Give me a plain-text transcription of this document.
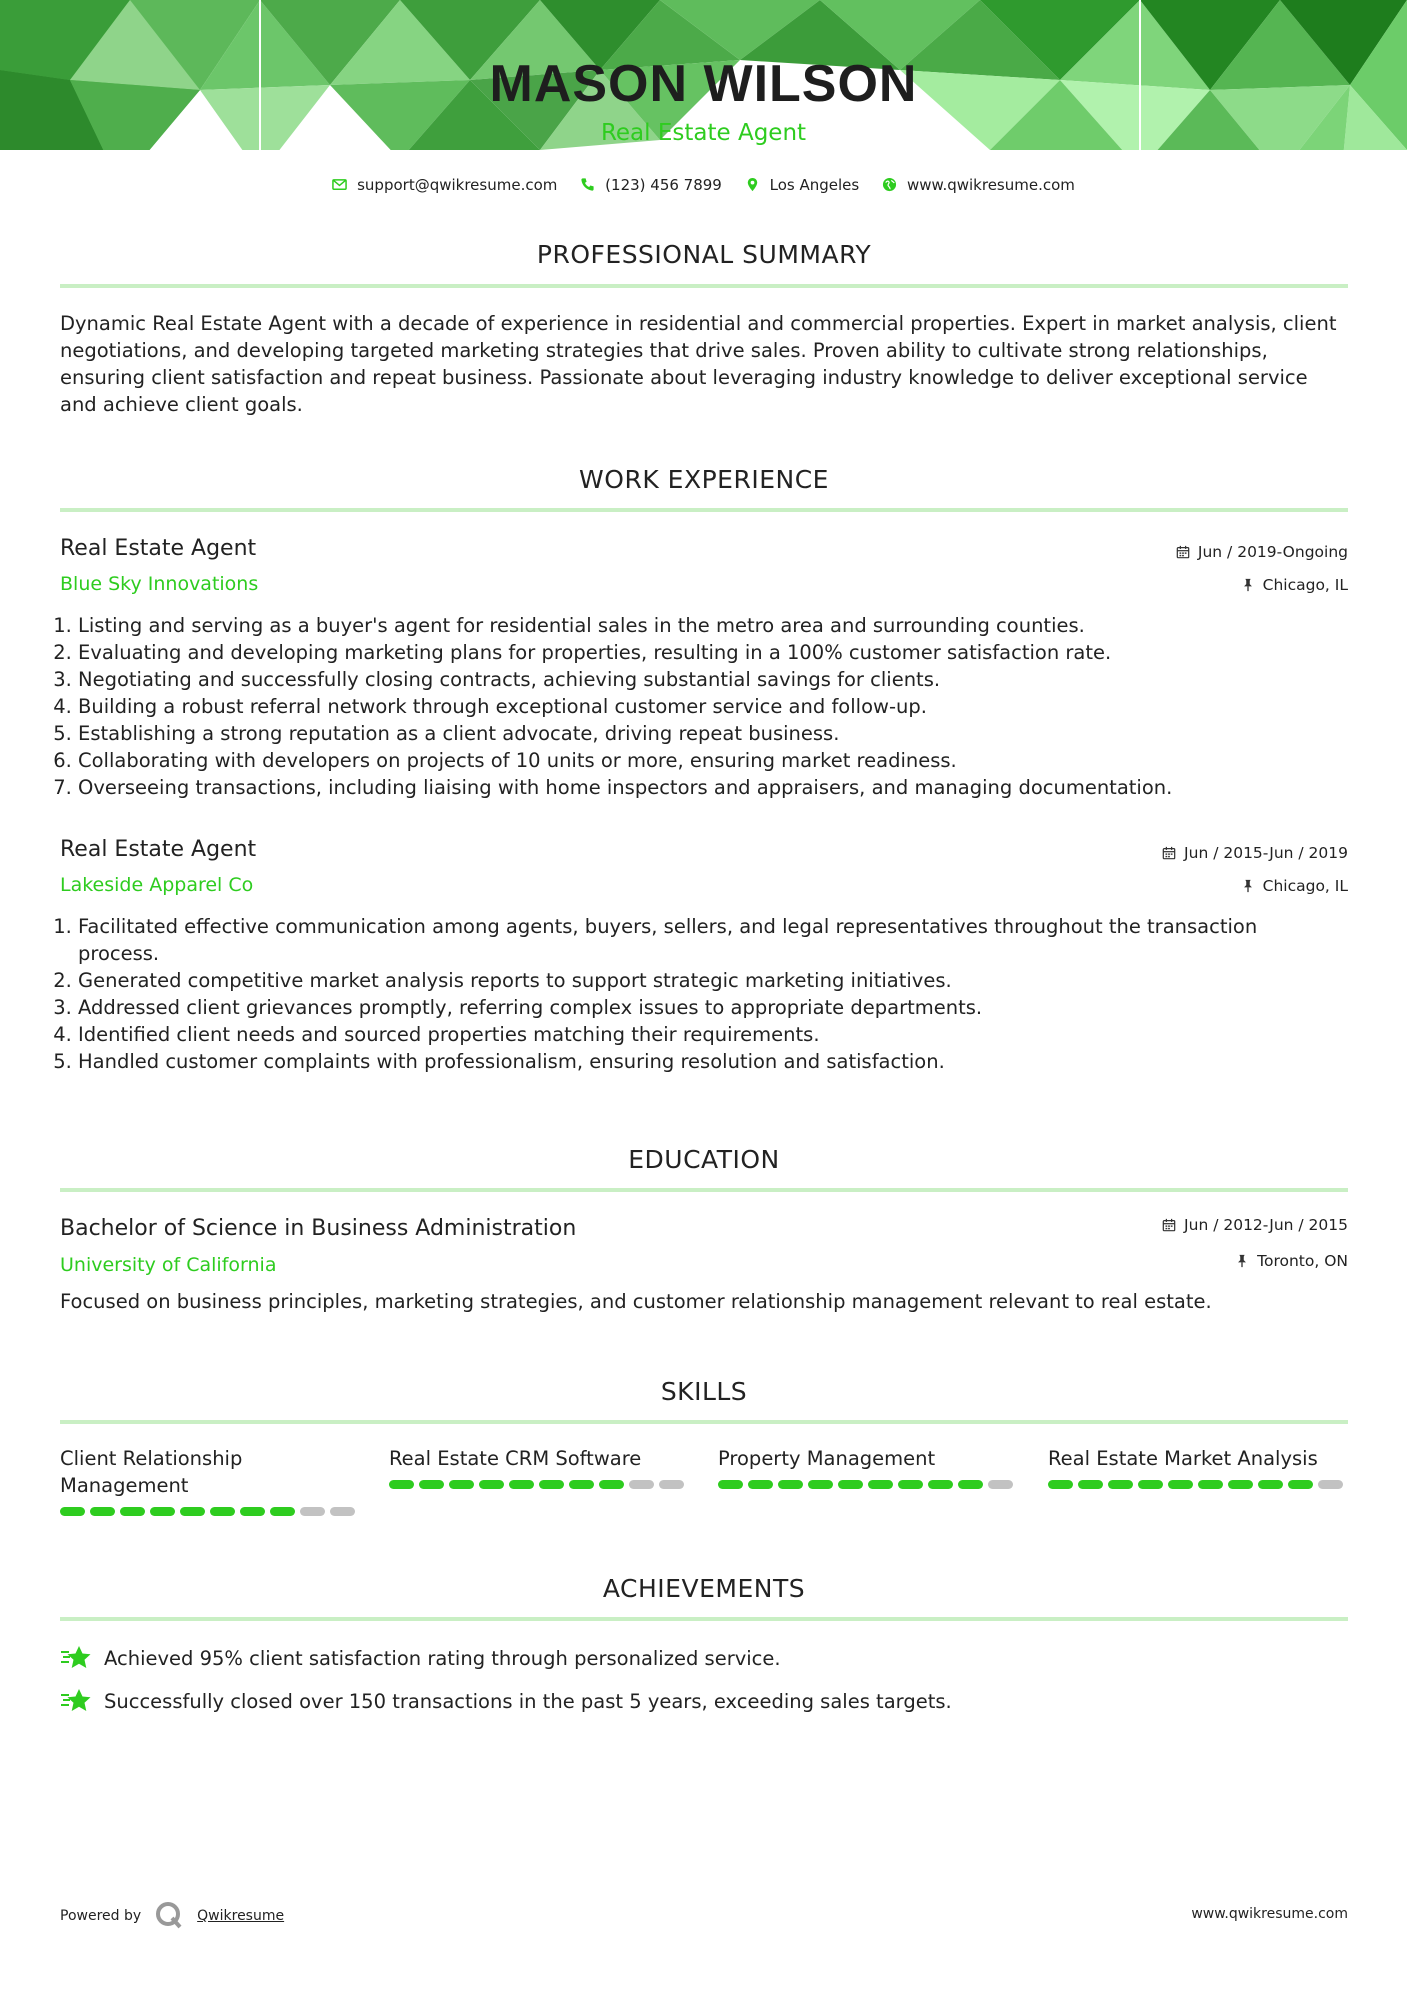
MASON WILSON
Real Estate Agent
support@qwikresume.com	(123) 456 7899	Los Angeles	www.qwikresume.com
PROFESSIONAL SUMMARY
Dynamic Real Estate Agent with a decade of experience in residential and commercial properties. Expert in market analysis, client negotiations, and developing targeted marketing strategies that drive sales. Proven ability to cultivate strong relationships, ensuring client satisfaction and repeat business. Passionate about leveraging industry knowledge to deliver exceptional service and achieve client goals.
WORK EXPERIENCE
Real Estate Agent
Blue Sky Innovations
Jun / 2019-Ongoing
Chicago, IL
1. Listing and serving as a buyer's agent for residential sales in the metro area and surrounding counties.
2. Evaluating and developing marketing plans for properties, resulting in a 100% customer satisfaction rate.
3. Negotiating and successfully closing contracts, achieving substantial savings for clients.
4. Building a robust referral network through exceptional customer service and follow-up.
5. Establishing a strong reputation as a client advocate, driving repeat business.
6. Collaborating with developers on projects of 10 units or more, ensuring market readiness.
7. Overseeing transactions, including liaising with home inspectors and appraisers, and managing documentation.
Real Estate Agent
Lakeside Apparel Co
Jun / 2015-Jun / 2019
Chicago, IL
1. Facilitated effective communication among agents, buyers, sellers, and legal representatives throughout the transaction process.
2. Generated competitive market analysis reports to support strategic marketing initiatives.
3. Addressed client grievances promptly, referring complex issues to appropriate departments.
4. Identified client needs and sourced properties matching their requirements.
5. Handled customer complaints with professionalism, ensuring resolution and satisfaction.
EDUCATION
Bachelor of Science in Business Administration
University of California
Jun / 2012-Jun / 2015
Toronto, ON
Focused on business principles, marketing strategies, and customer relationship management relevant to real estate.
SKILLS
Client Relationship Management
Real Estate CRM Software	Property Management	Real Estate Market Analysis
ACHIEVEMENTS
Achieved 95% client satisfaction rating through personalized service.
Successfully closed over 150 transactions in the past 5 years, exceeding sales targets.
Powered by	Qwikresume	www.qwikresume.com
